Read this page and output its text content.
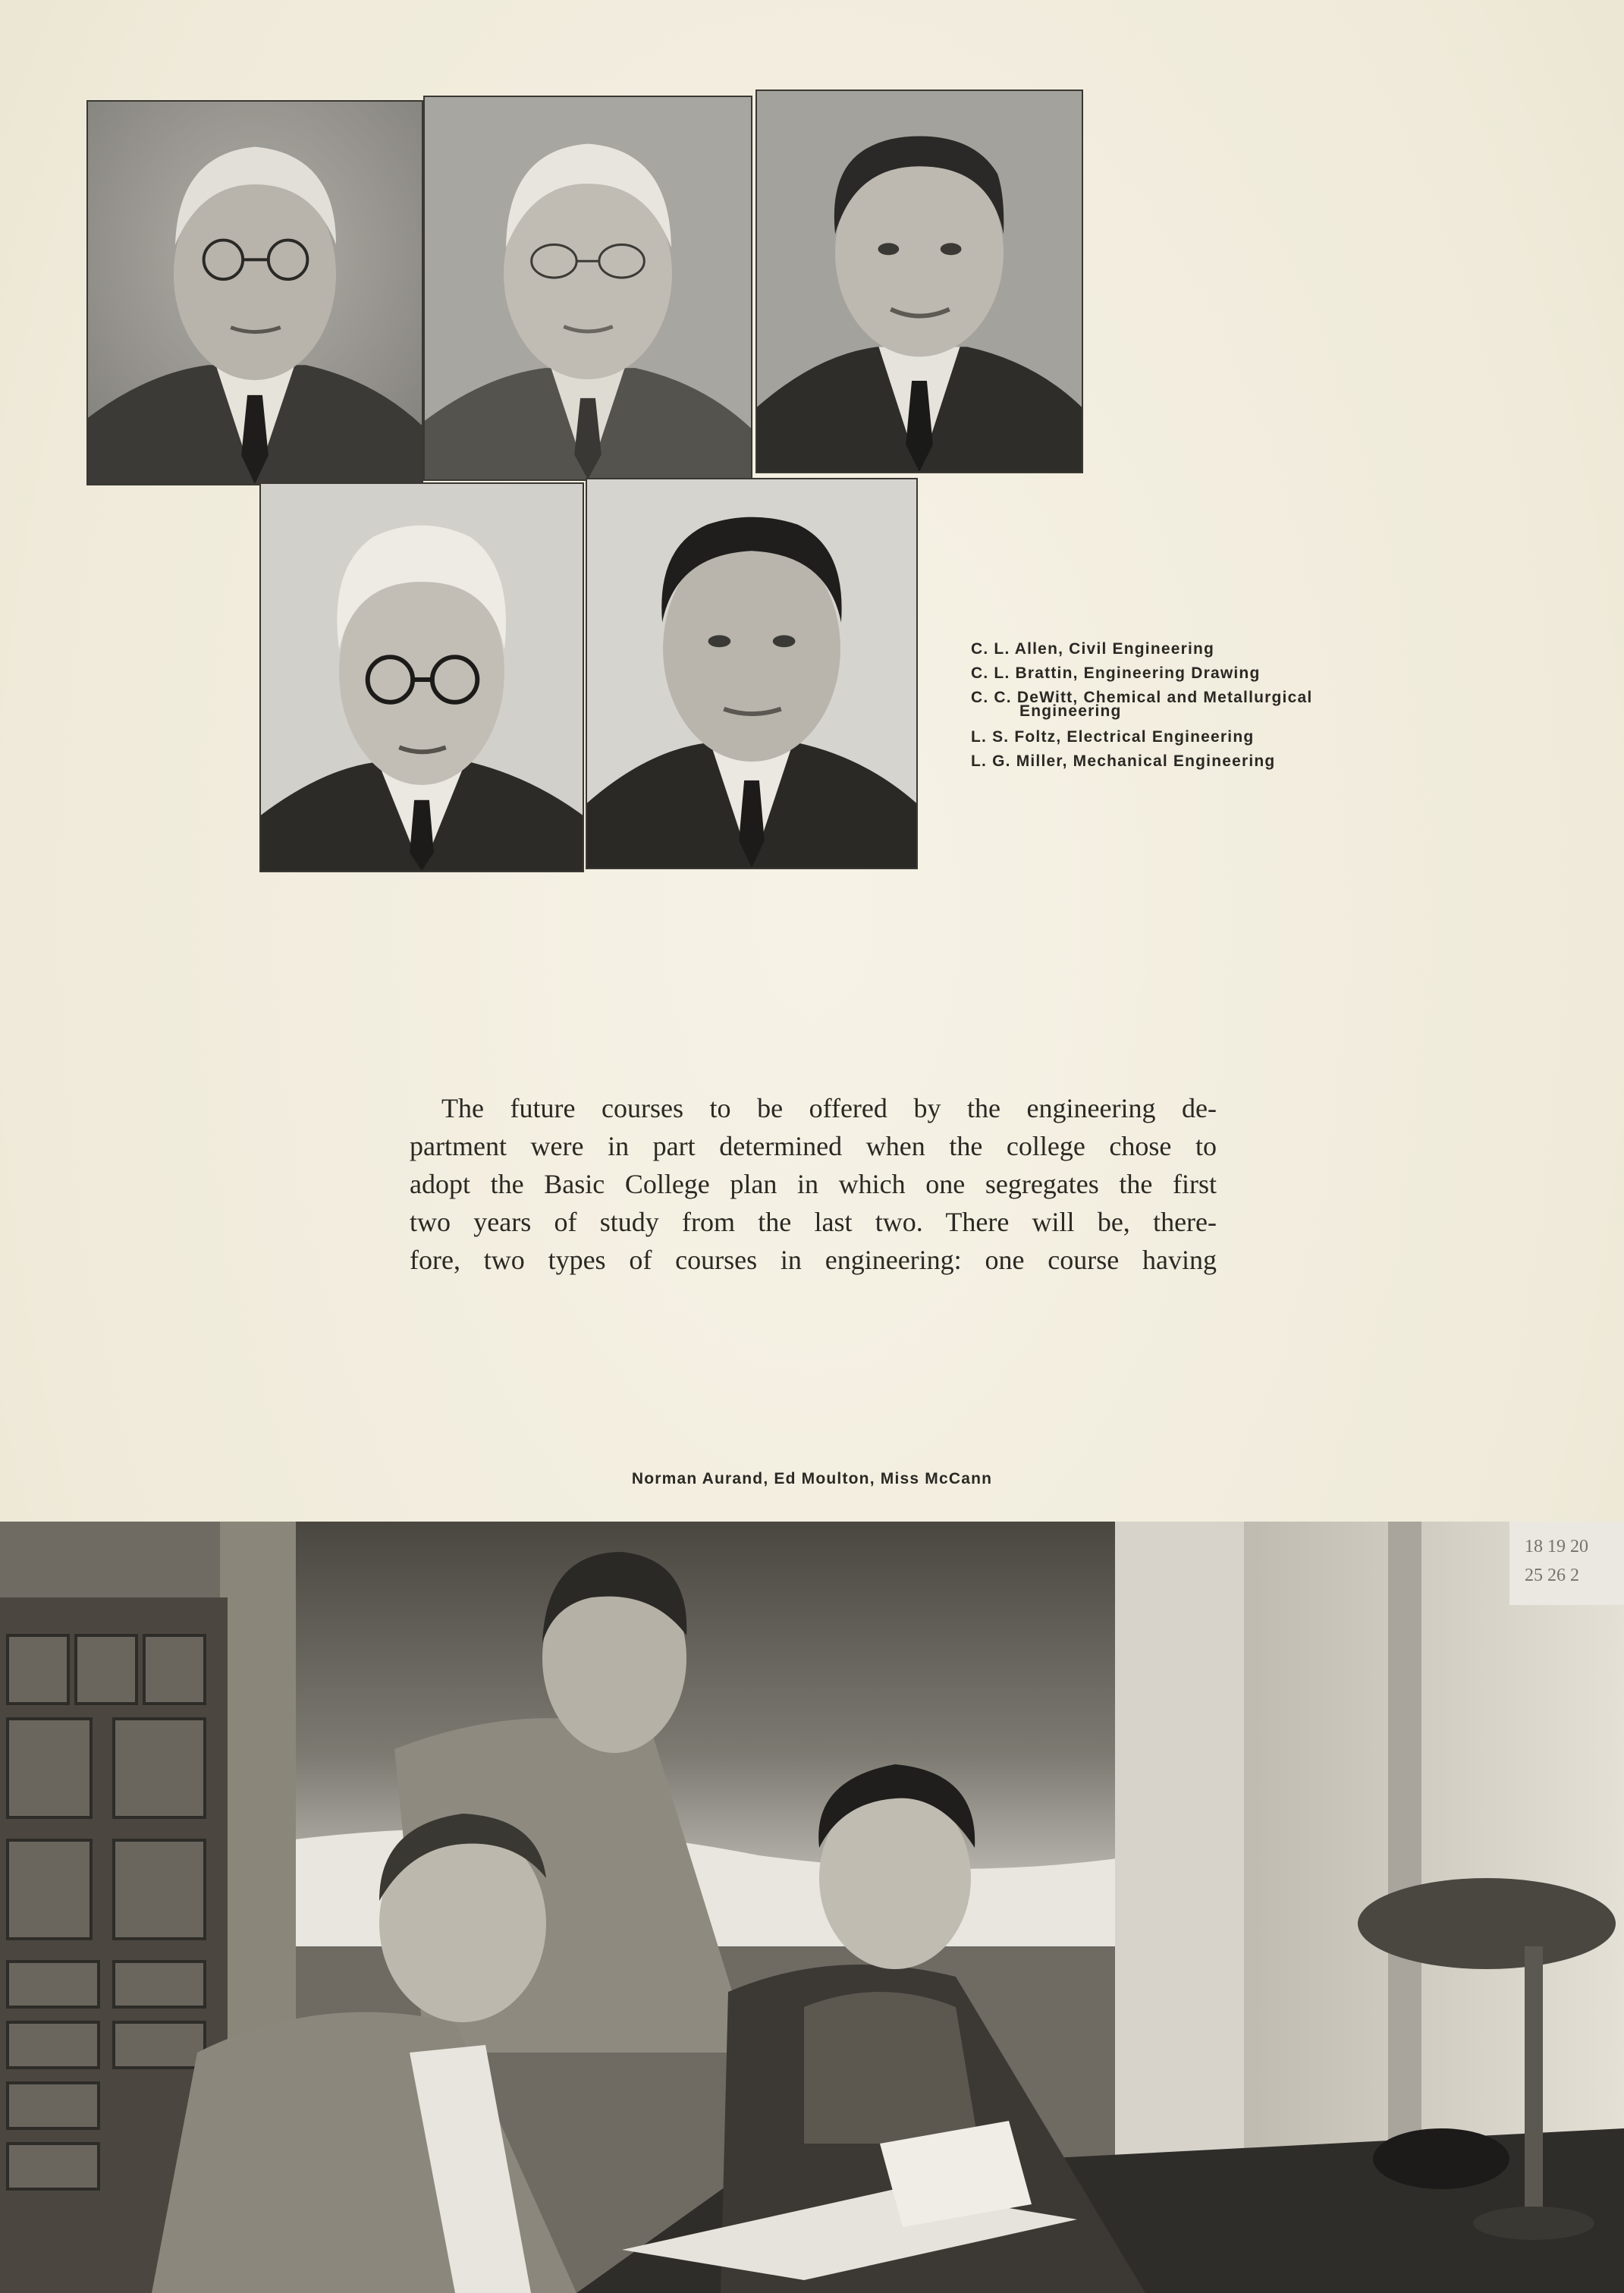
C. L. Allen, Civil Engineering
C. L. Brattin, Engineering Drawing
C. C. DeWitt, Chemical and Metallurgical
Engineering
L. S. Foltz, Electrical Engineering
L. G. Miller, Mechanical Engineering

The future courses to be offered by the engineering de-
partment were in part determined when the college chose to
adopt the Basic College plan in which one segregates the first
two years of study from the last two. There will be, there-
fore, two types of courses in engineering: one course having

Norman Aurand, Ed Moulton, Miss McCann
18 19 20
25 26 2
